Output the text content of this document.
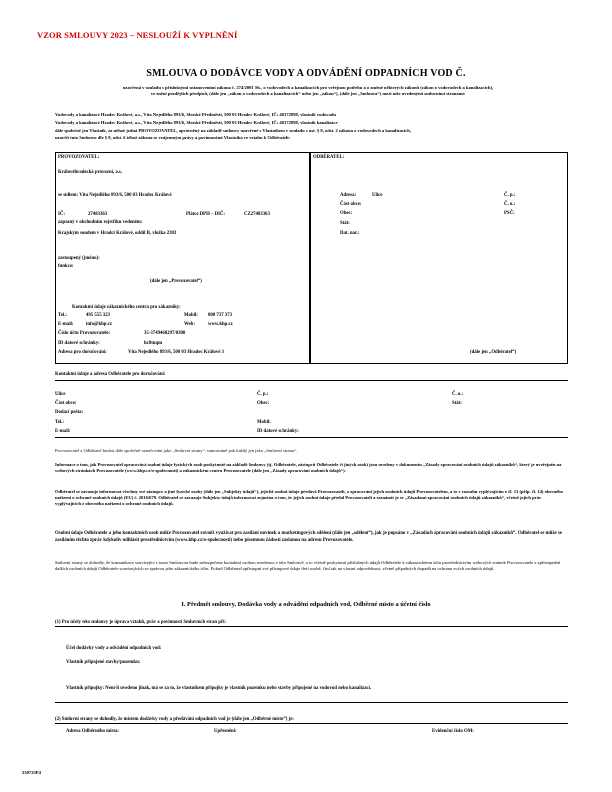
VZOR SMLOUVY 2023 – NESLOUŽÍ K VYPLNĚNÍ
SMLOUVA O DODÁVCE VODY A ODVÁDĚNÍ ODPADNÍCH VOD Č.
uzavřená v souladu s příslušnými ustanoveními zákona č. 274/2001 Sb., o vodovodech a kanalizacích pro veřejnou potřebu a o změně některých zákonů (zákon o vodovodech a kanalizacích),
ve znění pozdějších předpisů, (dále jen „zákon o vodovodech a kanalizacích“ nebo jen „zákon“), (dále jen „Smlouva“) mezi níže uvedenými smluvními stranami:
Vodovody a kanalizace Hradec Králové, a.s., Víta Nejedlého 893/6, Slezské Předměstí, 500 03 Hradec Králové, IČ: 48172898, vlastník vodovodu
Vodovody a kanalizace Hradec Králové, a.s., Víta Nejedlého 893/6, Slezské Předměstí, 500 03 Hradec Králové, IČ: 48172898, vlastník kanalizace
dále společně jen Vlastník, za něhož jedná PROVOZOVATEL, oprávněný na základě smlouvy uzavřené s Vlastníkem v souladu s ust. § 8, odst. 2 zákona o vodovodech a kanalizacích,
uzavřít tuto Smlouvu dle § 8, odst. 6 téhož zákona se vzájemným právy a povinnostmi Vlastníka ve vztahu k Odběrateli:
PROVOZOVATEL:
Královéhradecká provozní, a.s.
se sídlem: Víta Nejedlého 893/6, 500 03 Hradec Králové
IČ:	27483363	Plátce DPH – DIČ:	CZ27483363
zapsaný v obchodním rejstříku vedeném:
Krajským soudem v Hradci Králové, oddíl B, vložka 2383
zastoupený (jméno):
funkce:
(dále jen „Provozovatel“)
Kontaktní údaje zákaznického centra pro zákazníky:
Tel.:	495 555 323	Mobil: 800 737 373
E-mail:	info@khp.cz	Web:	www.khp.cz
Číslo účtu Provozovatele:	35-3749460297/0300
ID datové schránky:	hc8tuqm
Adresa pro doručování:	Víta Nejedlého 893/6, 500 03 Hradec Králové 3
ODBĚRATEL:
Adresa:	Ulice	Č. p.:
Část obce:	Č. o.:
Obec:	PSČ:
Stát:
Dat. nar.:
(dále jen „Odběratel“)
Kontaktní údaje a adresa Odběratele pro doručování:
Ulice	Č. p.:	Č. o.:
Část obce:	Obec:	Stát:
Dodací pošta:
Tel.:	Mobil:
E-mail:	ID datové schránky:
Provozovatel a Odběratel budou dále společně označováni jako „Smluvní strany“, samostatně pak každý jen jako „Smluvní strana“.
Informace o tom, jak Provozovatel zpracovává osobní údaje fyzických osob poskytnuté na základě Smlouvy (tj. Odběratele, zástupců Odběratele či jiných osob) jsou uvedeny v dokumentu „Zásady zpracování osobních údajů zákazníků“, který je uveřejněn na webových stránkách Provozovatele (www.khp.cz/o-spolecnosti) a zákaznickém centru Provozovatele (dále jen „Zásady zpracování osobních údajů“).
Odběratel se zavazuje informovat všechny své zástupce a jiné fyzické osoby (dále jen „Subjekty údajů“), jejichž osobní údaje předává Provozovateli, o zpracování jejich osobních údajů Provozovatelem, a to v rozsahu vyplývajícím z čl. 13 (příp. čl. 14) obecného nařízení o ochraně osobních údajů (EU) č. 2016/679. Odběratel se zavazuje Subjekty údajů informovat zejména o tom, že jejich osobní údaje předal Provozovateli a seznámit je se „Zásadami zpracování osobních údajů zákazníků“, včetně jejich práv vyplývajících z obecného nařízení o ochraně osobních údajů.
Osobní údaje Odběratele a jeho kontaktních osob může Provozovatel rovněž využívat pro zasílání novinek a marketingových sdělení (dále jen „sdělení“), jak je popsáno v „Zásadách zpracování osobních údajů zákazníků“. Odběratel se může se zasíláním těchto zpráv kdykoliv odhlásit prostřednictvím (www.khp.cz/o-spolecnosti) nebo písemnou žádostí zaslanou na adresu Provozovatele.
Smluvní strany se dohodly, že komunikace související s touto Smlouvou bude zabezpečena kontaktní osobou uvedenou v této Smlouvě, a to včetně poskytnutí příslušných údajů Odběratele k zákaznickému účtu prostřednictvím webových stránek Provozovatele a zpřístupnění dalších osobních údajů Odběratele souvisejících se správou jeho zákaznického účtu. Pokud Odběratel zpřístupní své přístupové údaje třetí osobě, činí tak na vlastní odpovědnost, včetně případných dopadů na ochranu svých osobních údajů.
I. Předmět smlouvy, Dodávka vody a odvádění odpadních vod, Odběrné místo a účetní číslo
(1) Pro účely této smlouvy je úprava vztahů, práv a povinností Smluvních stran při:
Účel dodávky vody a odvádění odpadních vod:
Vlastník připojené stavby/pozemku:
Vlastník připojky: Není-li uvedeno jinak, má se za to, že vlastníkem přípojky je vlastník pozemku nebo stavby připojené na vodovod nebo kanalizaci.
(2) Smluvní strany se dohodly, že místem dodávky vody a předávání odpadních vod je (dále jen „Odběrné místo“) je:
Adresa Odběrného místa:	Upřesnění:	Evidenční číslo OM:
230725P4
